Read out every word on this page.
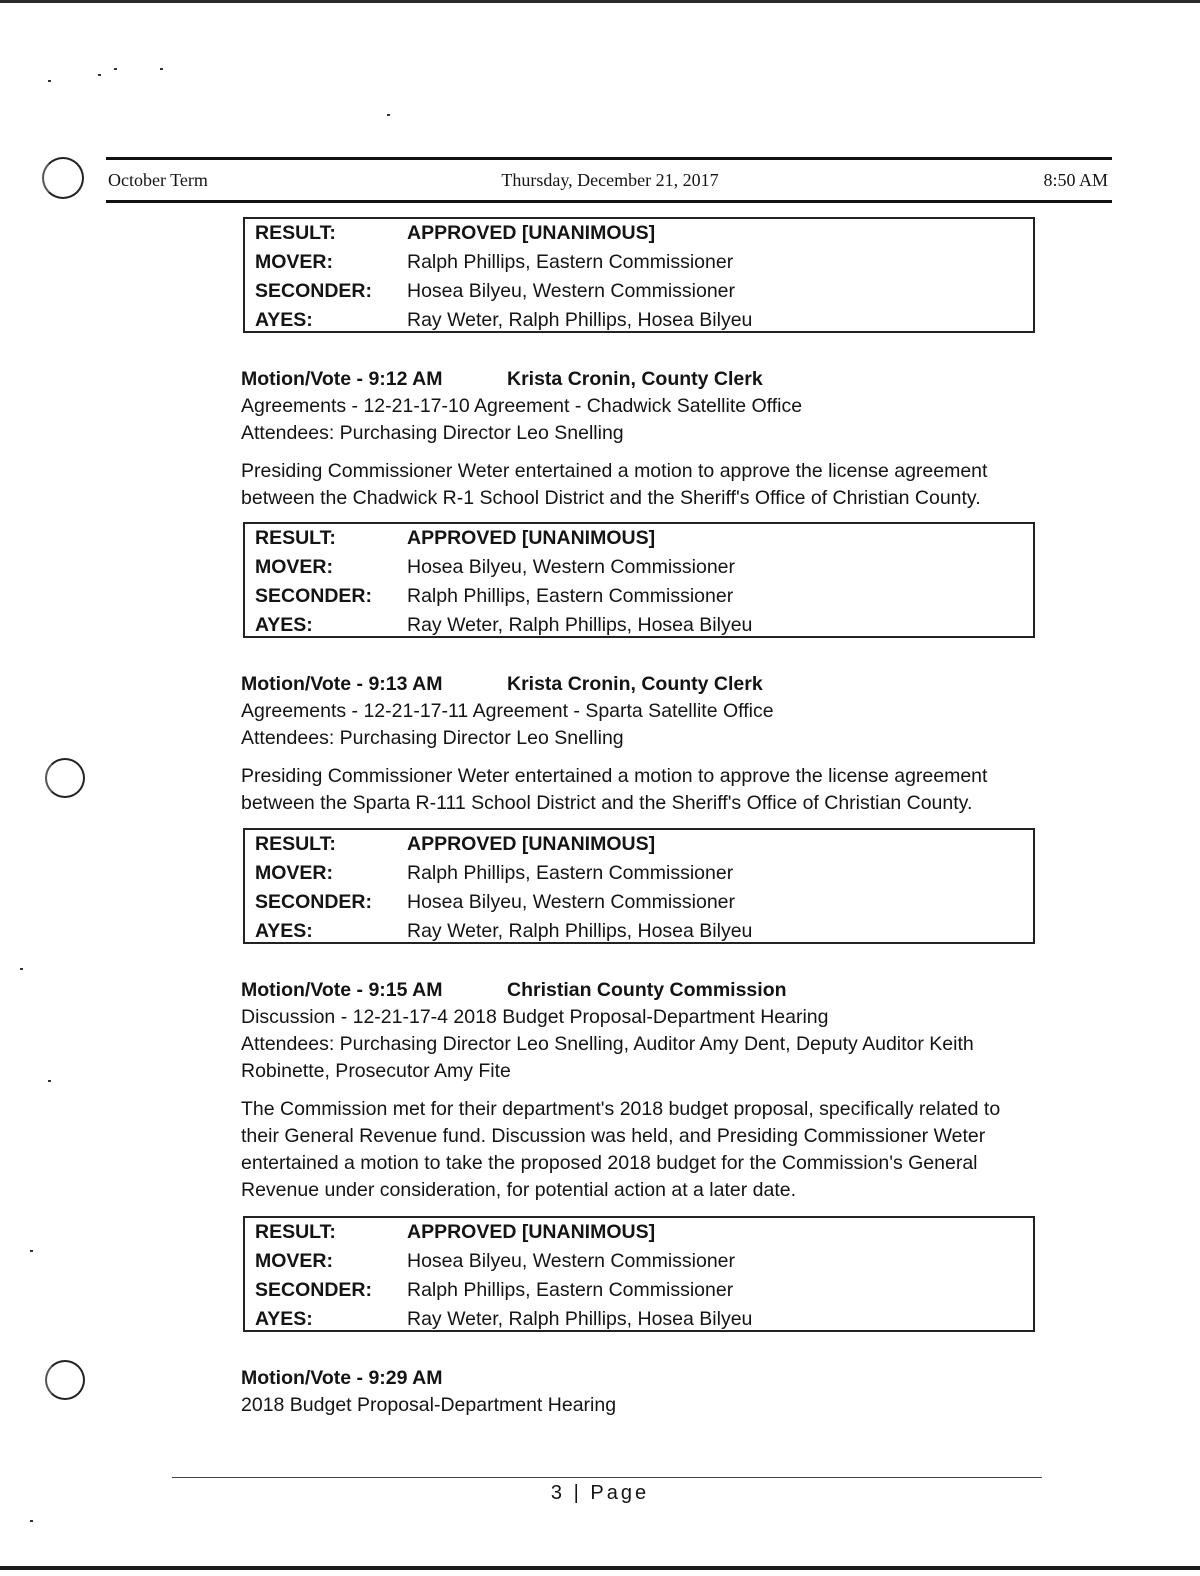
October Term	Thursday, December 21, 2017	8:50 AM
RESULT:	APPROVED [UNANIMOUS]
MOVER:	Ralph Phillips, Eastern Commissioner
SECONDER: Hosea Bilyeu, Western Commissioner
AYES:	Ray Weter, Ralph Phillips, Hosea Bilyeu
Motion/Vote - 9:12 AM	Krista Cronin, County Clerk
Agreements - 12-21-17-10 Agreement - Chadwick Satellite Office
Attendees: Purchasing Director Leo Snelling

Presiding Commissioner Weter entertained a motion to approve the license agreement between the Chadwick R-1 School District and the Sheriff's Office of Christian County.

RESULT:	APPROVED [UNANIMOUS]
MOVER:	Hosea Bilyeu, Western Commissioner
SECONDER: Ralph Phillips, Eastern Commissioner
AYES:	Ray Weter, Ralph Phillips, Hosea Bilyeu
Motion/Vote - 9:13 AM	Krista Cronin, County Clerk
Agreements - 12-21-17-11 Agreement - Sparta Satellite Office
Attendees: Purchasing Director Leo Snelling

Presiding Commissioner Weter entertained a motion to approve the license agreement between the Sparta R-111 School District and the Sheriff's Office of Christian County.

RESULT:	APPROVED [UNANIMOUS]
MOVER:	Ralph Phillips, Eastern Commissioner
SECONDER: Hosea Bilyeu, Western Commissioner
AYES:	Ray Weter, Ralph Phillips, Hosea Bilyeu
Motion/Vote - 9:15 AM	Christian County Commission
Discussion - 12-21-17-4 2018 Budget Proposal-Department Hearing
Attendees: Purchasing Director Leo Snelling, Auditor Amy Dent, Deputy Auditor Keith Robinette, Prosecutor Amy Fite

The Commission met for their department's 2018 budget proposal, specifically related to their General Revenue fund. Discussion was held, and Presiding Commissioner Weter entertained a motion to take the proposed 2018 budget for the Commission's General Revenue under consideration, for potential action at a later date.

RESULT:	APPROVED [UNANIMOUS]
MOVER:	Hosea Bilyeu, Western Commissioner
SECONDER: Ralph Phillips, Eastern Commissioner
AYES:	Ray Weter, Ralph Phillips, Hosea Bilyeu
Motion/Vote - 9:29 AM
2018 Budget Proposal-Department Hearing
3 | Page
